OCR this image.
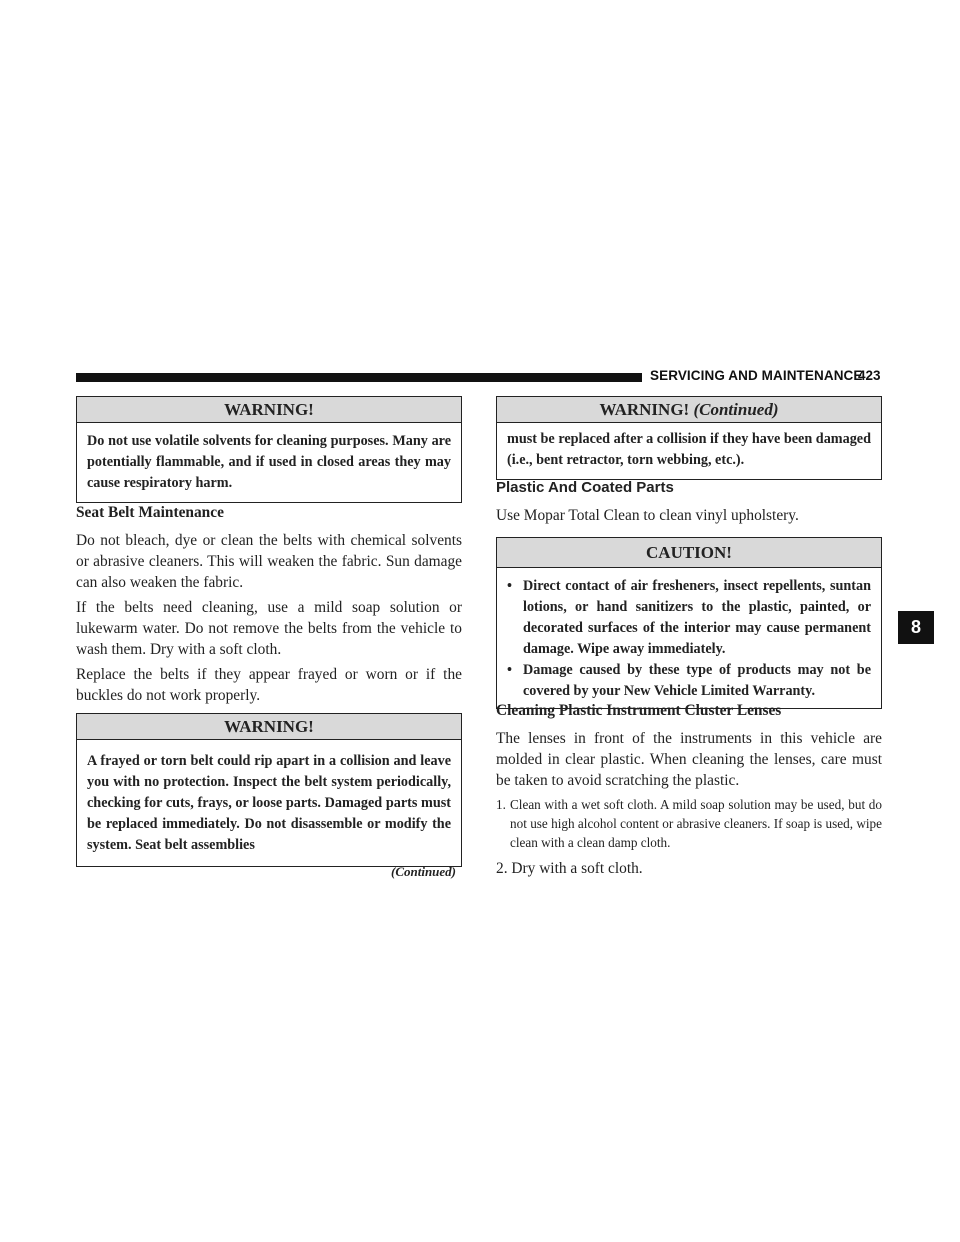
SERVICING AND MAINTENANCE
423
8
WARNING!
Do not use volatile solvents for cleaning purposes. Many are potentially flammable, and if used in closed areas they may cause respiratory harm.
Seat Belt Maintenance
Do not bleach, dye or clean the belts with chemical solvents or abrasive cleaners. This will weaken the fabric. Sun damage can also weaken the fabric.
If the belts need cleaning, use a mild soap solution or lukewarm water. Do not remove the belts from the vehicle to wash them. Dry with a soft cloth.
Replace the belts if they appear frayed or worn or if the buckles do not work properly.
WARNING!
A frayed or torn belt could rip apart in a collision and leave you with no protection. Inspect the belt system periodically, checking for cuts, frays, or loose parts. Damaged parts must be replaced immediately. Do not disassemble or modify the system. Seat belt assemblies
(Continued)
WARNING! (Continued)
must be replaced after a collision if they have been damaged (i.e., bent retractor, torn webbing, etc.).
Plastic And Coated Parts
Use Mopar Total Clean to clean vinyl upholstery.
CAUTION!
• Direct contact of air fresheners, insect repellents, suntan lotions, or hand sanitizers to the plastic, painted, or decorated surfaces of the interior may cause permanent damage. Wipe away immediately.
• Damage caused by these type of products may not be covered by your New Vehicle Limited Warranty.
Cleaning Plastic Instrument Cluster Lenses
The lenses in front of the instruments in this vehicle are molded in clear plastic. When cleaning the lenses, care must be taken to avoid scratching the plastic.
1. Clean with a wet soft cloth. A mild soap solution may be used, but do not use high alcohol content or abrasive cleaners. If soap is used, wipe clean with a clean damp cloth.
2. Dry with a soft cloth.
